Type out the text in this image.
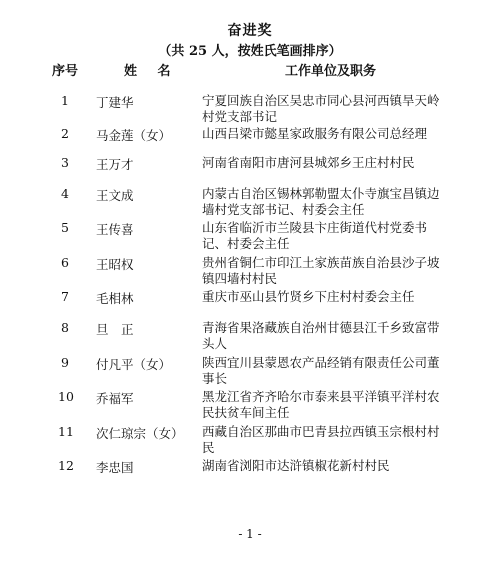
奋进奖
（共 25 人，按姓氏笔画排序）
序号	姓 名	工作单位及职务
1 丁建华	宁夏回族自治区吴忠市同心县河西镇旱天岭村党支部书记
2 马金莲（女） 山西吕梁市懿星家政服务有限公司总经理
3 王万才	河南省南阳市唐河县城郊乡王庄村村民
4 王文成	内蒙古自治区锡林郭勒盟太仆寺旗宝昌镇边墙村党支部书记、村委会主任
5 王传喜	山东省临沂市兰陵县卞庄街道代村党委书记、村委会主任
6 王昭权	贵州省铜仁市印江土家族苗族自治县沙子坡镇四墙村村民
7 毛相林	重庆市巫山县竹贤乡下庄村村委会主任
8 旦　正	青海省果洛藏族自治州甘德县江千乡致富带头人
9 付凡平（女） 陕西宜川县蒙恩农产品经销有限责任公司董事长
10 乔福军	黑龙江省齐齐哈尔市泰来县平洋镇平洋村农民扶贫车间主任
11 次仁琼宗（女） 西藏自治区那曲市巴青县拉西镇玉宗根村村民
12 李忠国	湖南省浏阳市达浒镇椒花新村村民
- 1 -
